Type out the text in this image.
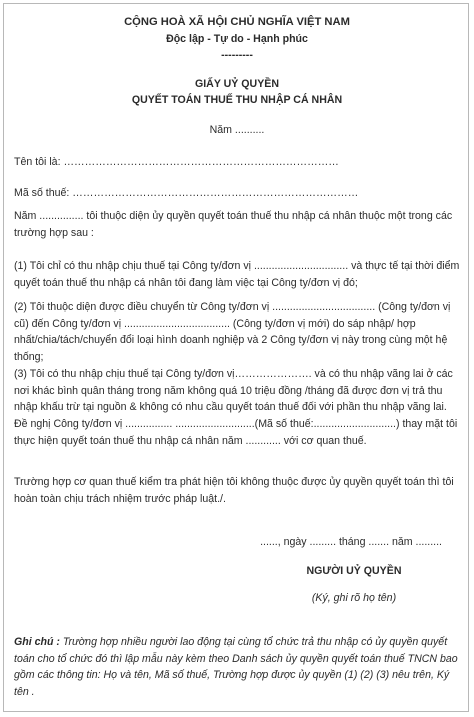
CỘNG HOÀ XÃ HỘI CHỦ NGHĨA VIỆT NAM

Độc lập - Tự do - Hạnh phúc

---------

GIẤY UỶ QUYỀN

QUYẾT TOÁN THUẾ THU NHẬP CÁ NHÂN

Năm ..........

Tên tôi là: ……………………………………………………………………

Mã số thuế: ………………………………………………………………………

Năm ............... tôi thuộc diện ủy quyền quyết toán thuế thu nhập cá nhân thuộc một trong các trường hợp sau :

(1) Tôi chỉ có thu nhập chịu thuế tại Công ty/đơn vị ................................ và thực tế tại thời điểm quyết toán thuế thu nhập cá nhân tôi đang làm việc tại Công ty/đơn vị đó;

(2) Tôi thuộc diện được điều chuyển từ Công ty/đơn vị ................................... (Công ty/đơn vị cũ) đến Công ty/đơn vị .................................... (Công ty/đơn vị mới) do sáp nhập/ hợp nhất/chia/tách/chuyển đổi loại hình doanh nghiệp và 2 Công ty/đơn vị này trong cùng một hệ thống;

(3) Tôi có thu nhập chịu thuế tại Công ty/đơn vị…………………. và có thu nhập vãng lai ở các nơi khác bình quân tháng trong năm không quá 10 triệu đồng /tháng đã được đơn vị trả thu nhập khấu trừ tại nguồn & không có nhu cầu quyết toán thuế đối với phần thu nhập vãng lai.

Đề nghị Công ty/đơn vị ................ ...........................(Mã số thuế:............................) thay mặt tôi thực hiện quyết toán thuế thu nhập cá nhân năm ............ với cơ quan thuế.

Trường hợp cơ quan thuế kiểm tra phát hiện tôi không thuộc được ủy quyền quyết toán thì tôi hoàn toàn chịu trách nhiệm trước pháp luật./.

......, ngày ......... tháng ....... năm .........

NGƯỜI UỶ QUYỀN

(Ký, ghi rõ họ tên)

Ghi chú : Trường hợp nhiều người lao động tại cùng tổ chức trả thu nhập có ủy quyền quyết toán cho tổ chức đó thì lập mẫu này kèm theo Danh sách ủy quyền quyết toán thuế TNCN bao gồm các thông tin: Họ và tên, Mã số thuế, Trường hợp được ủy quyền (1) (2) (3) nêu trên, Ký tên .
